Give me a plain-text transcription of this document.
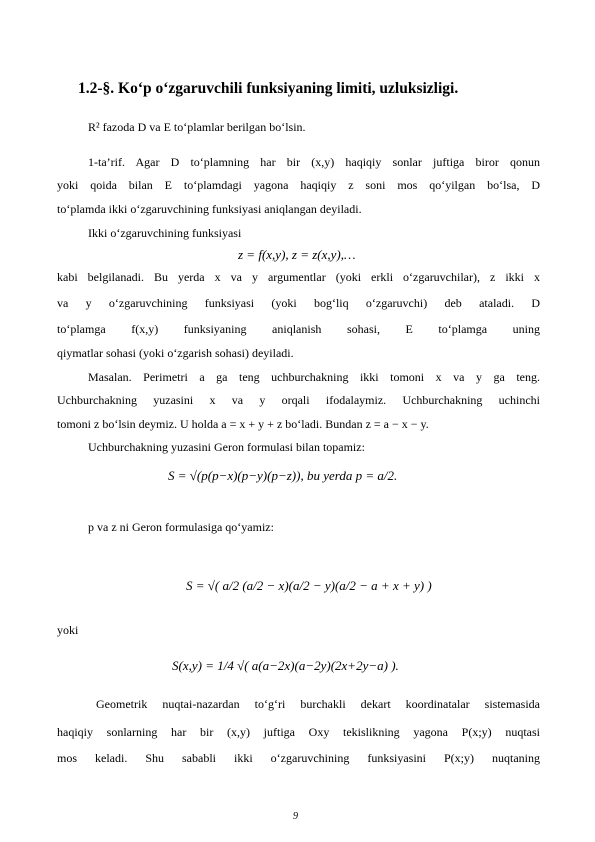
1.2-§. Ko‘p o‘zgaruvchili funksiyaning limiti, uzluksizligi.
R² fazoda D va E to‘plamlar berilgan bo‘lsin.
1-ta’rif. Agar D to‘plamning har bir (x,y) haqiqiy sonlar juftiga biror qonun
yoki qoida bilan E to‘plamdagi yagona haqiqiy z soni mos qo‘yilgan bo‘lsa, D
to‘plamda ikki o‘zgaruvchining funksiyasi aniqlangan deyiladi.
Ikki o‘zgaruvchining funksiyasi
z = f(x,y), z = z(x,y),…
kabi belgilanadi. Bu yerda x va y argumentlar (yoki erkli o‘zgaruvchilar), z ikki x
va y o‘zgaruvchining funksiyasi (yoki bog‘liq o‘zgaruvchi) deb ataladi. D
to‘plamga f(x,y) funksiyaning aniqlanish sohasi, E to‘plamga uning
qiymatlar sohasi (yoki o‘zgarish sohasi) deyiladi.
Masalan. Perimetri a ga teng uchburchakning ikki tomoni x va y ga teng.
Uchburchakning yuzasini x va y orqali ifodalaymiz. Uchburchakning uchinchi
tomoni z bo‘lsin deymiz. U holda a = x + y + z bo‘ladi. Bundan z = a − x − y.
Uchburchakning yuzasini Geron formulasi bilan topamiz:
S = √(p(p−x)(p−y)(p−z)), bu yerda p = a/2.
p va z ni Geron formulasiga qo‘yamiz:
S = √( a/2 (a/2 − x)(a/2 − y)(a/2 − a + x + y) )
yoki
S(x,y) = 1/4 √( a(a−2x)(a−2y)(2x+2y−a) ).
Geometrik nuqtai-nazardan to‘g‘ri burchakli dekart koordinatalar sistemasida
haqiqiy sonlarning har bir (x,y) juftiga Oxy tekislikning yagona P(x;y) nuqtasi
mos keladi. Shu sababli ikki o‘zgaruvchining funksiyasini P(x;y) nuqtaning
9
